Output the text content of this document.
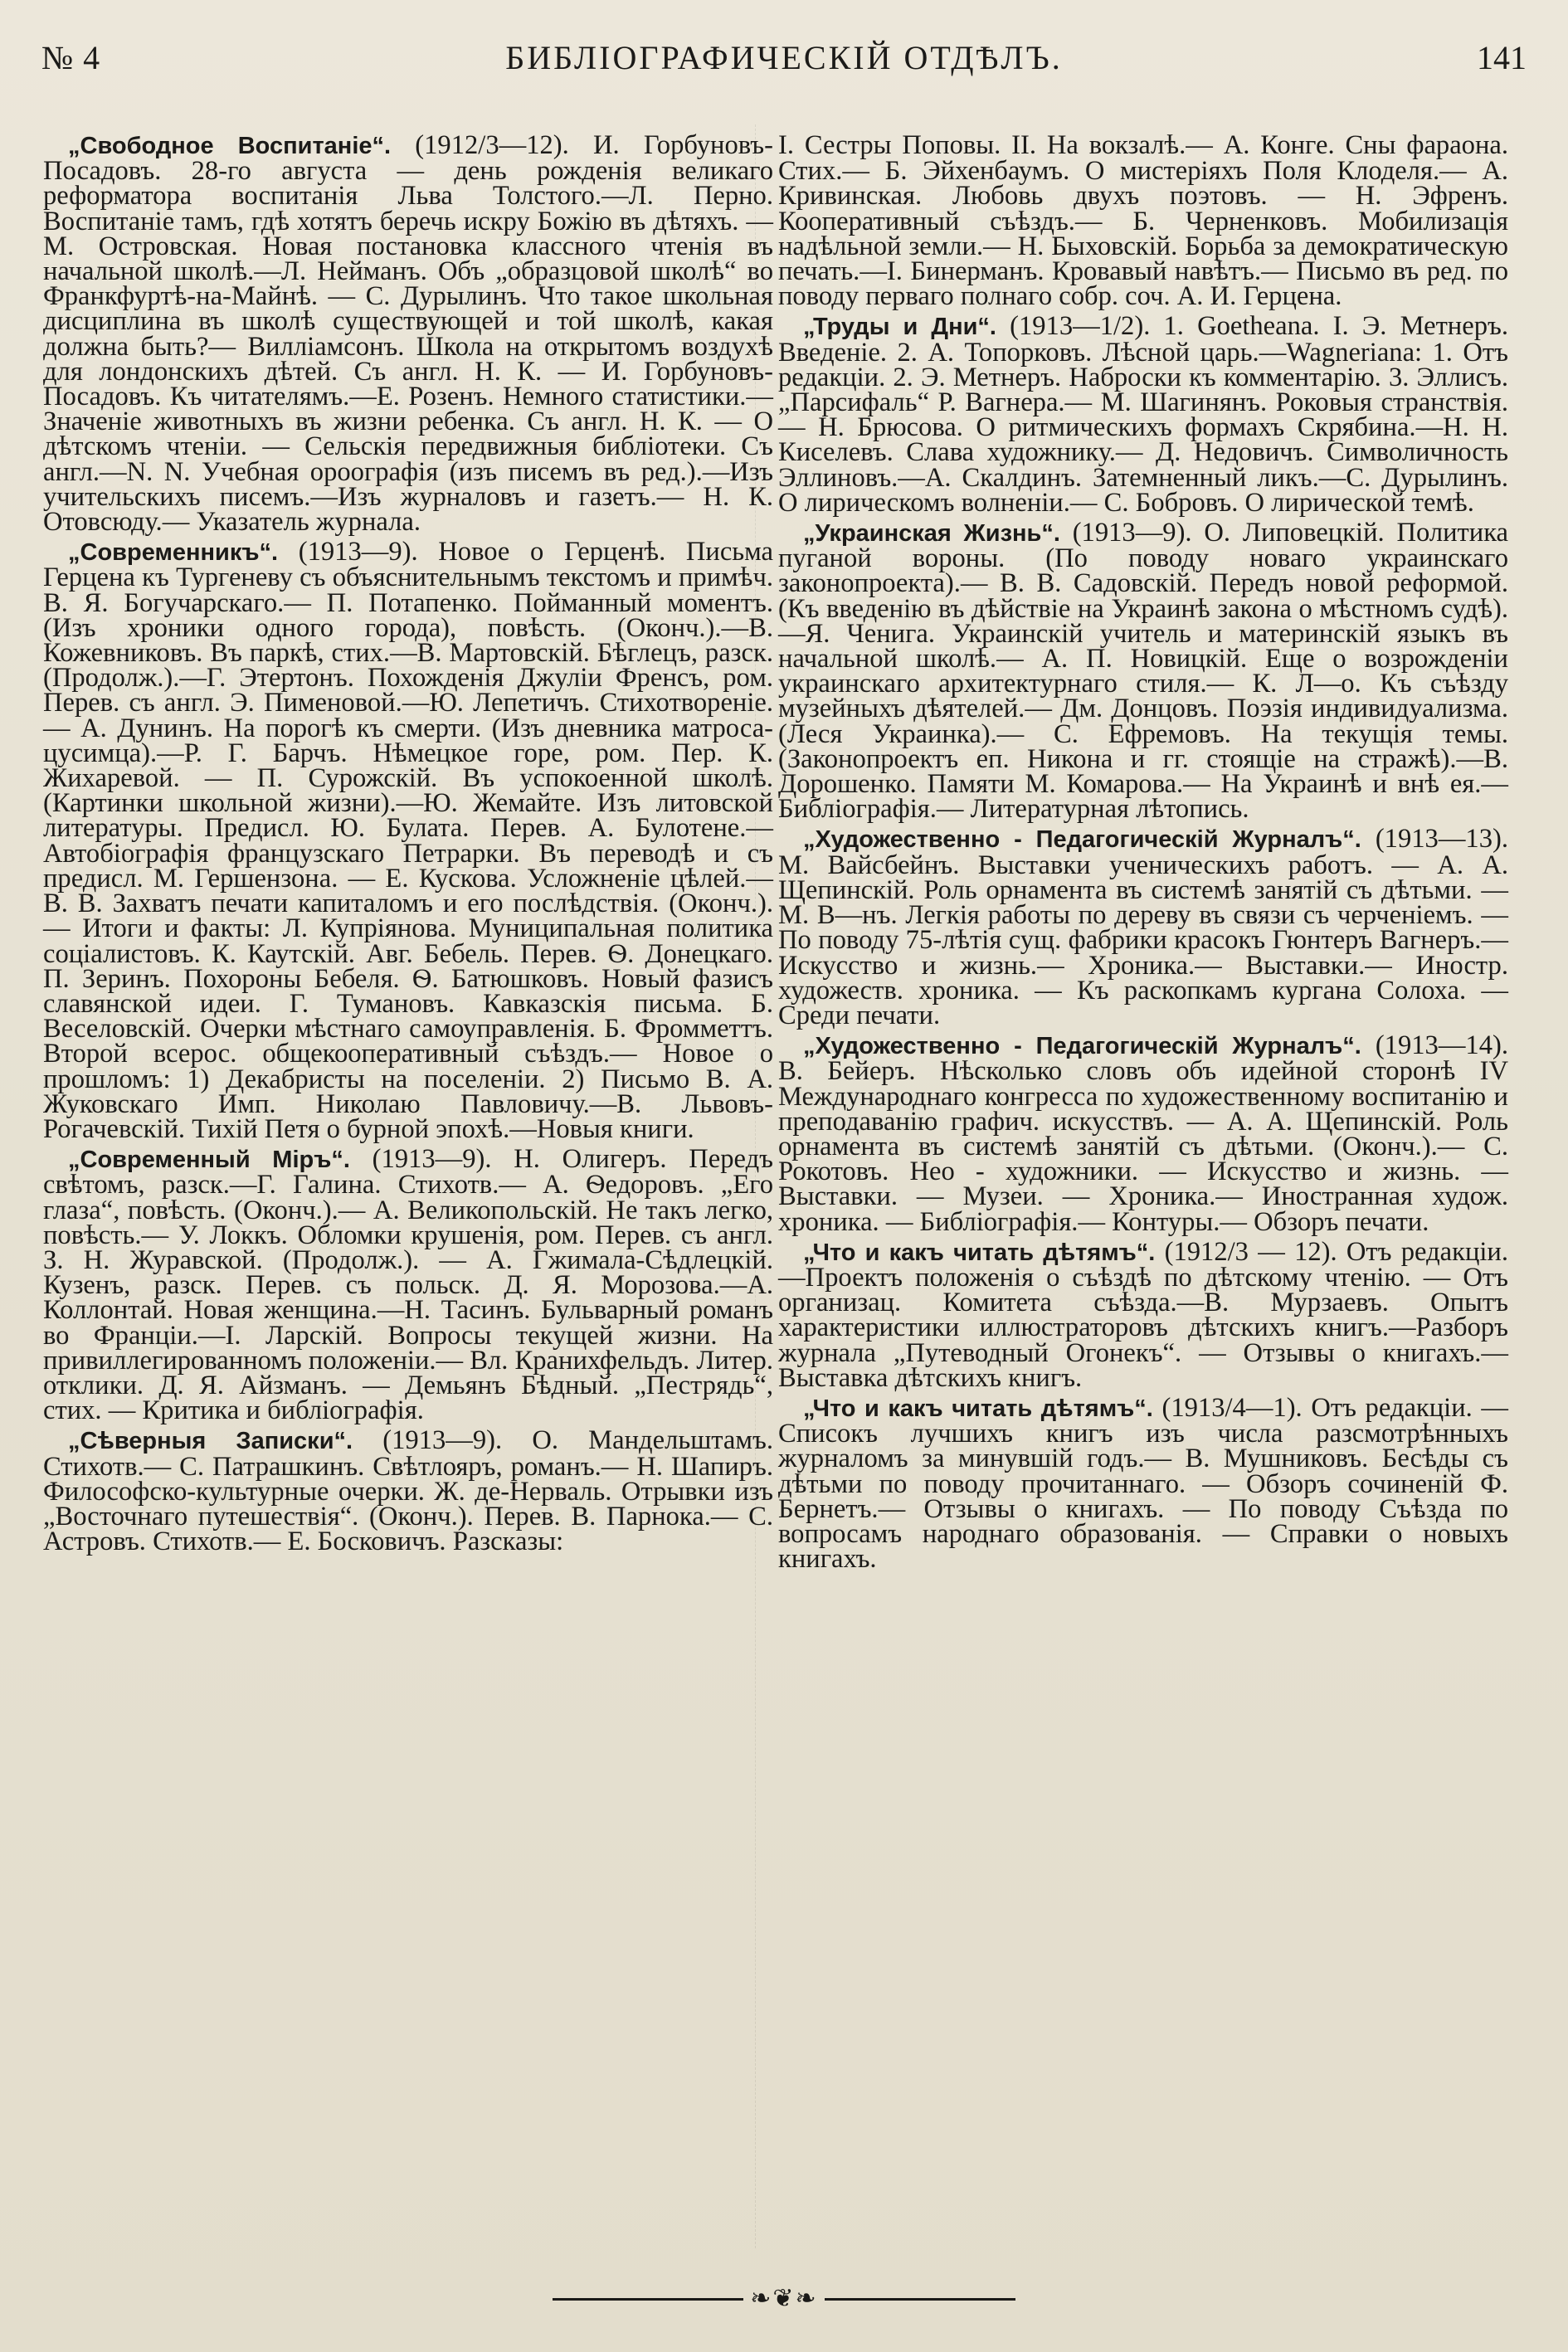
№ 4	БИБЛIОГРАФИЧЕСКIЙ ОТДѢЛЪ.	141

„Свободное Воспитанiе“. (1912/3—12). И. Горбуновъ-Посадовъ. 28-го августа — день рожденія великаго реформатора воспитанія Льва Толстого.—Л. Перно. Воспитаніе тамъ, гдѣ хотятъ беречь искру Божію въ дѣтяхъ. — М. Островская. Новая постановка классного чтенія въ начальной школѣ.—Л. Нейманъ. Объ „образцовой школѣ“ во Франкфуртѣ-на-Майнѣ. — С. Дурылинъ. Что такое школьная дисциплина въ школѣ существующей и той школѣ, какая должна быть?— Вилліамсонъ. Школа на открытомъ воздухѣ для лондонскихъ дѣтей. Съ англ. Н. К. — И. Горбуновъ-Посадовъ. Къ читателямъ.—Е. Розенъ. Немного статистики.—Значеніе животныхъ въ жизни ребенка. Съ англ. Н. К. — О дѣтскомъ чтеніи. — Сельскія передвижныя библіотеки. Съ англ.—N. N. Учебная ороографія (изъ писемъ въ ред.).—Изъ учительскихъ писемъ.—Изъ журналовъ и газетъ.— Н. К. Отовсюду.— Указатель журнала.

„Современникъ“. (1913—9). Новое о Герценѣ. Письма Герцена къ Тургеневу съ объяснительнымъ текстомъ и примѣч. В. Я. Богучарскаго.— П. Потапенко. Пойманный моментъ. (Изъ хроники одного города), повѣсть. (Оконч.).—В. Кожевниковъ. Въ паркѣ, стих.—В. Мартовскій. Бѣглецъ, разск. (Продолж.).—Г. Этертонъ. Похожденія Джуліи Френсъ, ром. Перев. съ англ. Э. Пименовой.—Ю. Лепетичъ. Стихотвореніе.— А. Дунинъ. На порогѣ къ смерти. (Изъ дневника матроса-цусимца).—Р. Г. Барчъ. Нѣмецкое горе, ром. Пер. К. Жихаревой. — П. Сурожскій. Въ успокоенной школѣ. (Картинки школьной жизни).—Ю. Жемайте. Изъ литовской литературы. Предисл. Ю. Булата. Перев. А. Булотене.—Автобіографія французскаго Петрарки. Въ переводѣ и съ предисл. М. Гершензона. — Е. Кускова. Усложненіе цѣлей.—В. В. Захватъ печати капиталомъ и его послѣдствія. (Оконч.). — Итоги и факты: Л. Купріянова. Муниципальная политика соціалистовъ. К. Каутскій. Авг. Бебель. Перев. Ѳ. Донецкаго. П. Зеринъ. Похороны Бебеля. Ѳ. Батюшковъ. Новый фазисъ славянской идеи. Г. Тумановъ. Кавказскія письма. Б. Веселовскій. Очерки мѣстнаго самоуправленія. Б. Фромметтъ. Второй всерос. общекооперативный съѣздъ.— Новое о прошломъ: 1) Декабристы на поселеніи. 2) Письмо В. А. Жуковскаго Имп. Николаю Павловичу.—В. Львовъ-Рогачевскій. Тихій Петя о бурной эпохѣ.—Новыя книги.

„Современный Мiръ“. (1913—9). Н. Олигеръ. Передъ свѣтомъ, разск.—Г. Галина. Стихотв.— А. Ѳедоровъ. „Его глаза“, повѣсть. (Оконч.).— А. Великопольскій. Не такъ легко, повѣсть.— У. Локкъ. Обломки крушенія, ром. Перев. съ англ. З. Н. Журавской. (Продолж.). — А. Гжимала-Сѣдлецкій. Кузенъ, разск. Перев. съ польск. Д. Я. Морозова.—А. Коллонтай. Новая женщина.—Н. Тасинъ. Бульварный романъ во Франціи.—І. Ларскій. Вопросы текущей жизни. На привиллегированномъ положеніи.— Вл. Кранихфельдъ. Литер. отклики. Д. Я. Айзманъ. — Демьянъ Бѣдный. „Пестрядь“, стих. — Критика и библіографія.

„Сѣверныя Записки“. (1913—9). О. Мандельштамъ. Стихотв.— С. Патрашкинъ. Свѣтлояръ, романъ.— Н. Шапиръ. Философско-культурные очерки. Ж. де-Нерваль. Отрывки изъ „Восточнаго путешествія“. (Оконч.). Перев. В. Парнока.— С. Астровъ. Стихотв.— Е. Босковичъ. Разсказы:

I. Сестры Поповы. II. На вокзалѣ.— А. Конге. Сны фараона. Стих.— Б. Эйхенбаумъ. О мистеріяхъ Поля Клоделя.— А. Кривинская. Любовь двухъ поэтовъ. — Н. Эфренъ. Кооперативный съѣздъ.— Б. Черненковъ. Мобилизація надѣльной земли.— Н. Быховскій. Борьба за демократическую печать.—І. Бинерманъ. Кровавый навѣтъ.— Письмо въ ред. по поводу перваго полнаго собр. соч. А. И. Герцена.

„Труды и Дни“. (1913—1/2). 1. Goetheana. І. Э. Метнеръ. Введеніе. 2. А. Топорковъ. Лѣсной царь.—Wagneriana: 1. Отъ редакціи. 2. Э. Метнеръ. Наброски къ комментарію. 3. Эллисъ. „Парсифаль“ Р. Вагнера.— М. Шагинянъ. Роковыя странствія.— Н. Брюсова. О ритмическихъ формахъ Скрябина.—Н. Н. Киселевъ. Слава художнику.— Д. Недовичъ. Символичность Эллиновъ.—А. Скалдинъ. Затемненный ликъ.—С. Дурылинъ. О лирическомъ волненіи.— С. Бобровъ. О лирической темѣ.

„Украинская Жизнь“. (1913—9). О. Липовецкій. Политика пуганой вороны. (По поводу новаго украинскаго законопроекта).— В. В. Садовскій. Передъ новой реформой. (Къ введенію въ дѣйствіе на Украинѣ закона о мѣстномъ судѣ).—Я. Ченига. Украинскій учитель и материнскій языкъ въ начальной школѣ.— А. П. Новицкій. Еще о возрожденіи украинскаго архитектурнаго стиля.— К. Л—о. Къ съѣзду музейныхъ дѣятелей.— Дм. Донцовъ. Поэзія индивидуализма. (Леся Украинка).— С. Ефремовъ. На текущія темы. (Законопроектъ еп. Никона и гг. стоящіе на стражѣ).—В. Дорошенко. Памяти М. Комарова.— На Украинѣ и внѣ ея.— Библіографія.— Литературная лѣтопись.

„Художественно - Педагогическiй Журналъ“. (1913—13). М. Вайсбейнъ. Выставки ученическихъ работъ. — А. А. Щепинскій. Роль орнамента въ системѣ занятій съ дѣтьми. — М. В—нъ. Легкія работы по дереву въ связи съ черченіемъ. — По поводу 75-лѣтія сущ. фабрики красокъ Гюнтеръ Вагнеръ.— Искусство и жизнь.— Хроника.— Выставки.— Иностр. художеств. хроника. — Къ раскопкамъ кургана Солоха. — Среди печати.

„Художественно - Педагогическiй Журналъ“. (1913—14). В. Бейеръ. Нѣсколько словъ объ идейной сторонѣ IV Международнаго конгресса по художественному воспитанію и преподаванію графич. искусствъ. — А. А. Щепинскій. Роль орнамента въ системѣ занятій съ дѣтьми. (Оконч.).— С. Рокотовъ. Нео - художники. — Искусство и жизнь. — Выставки. — Музеи. — Хроника.— Иностранная худож. хроника. — Библіографія.— Контуры.— Обзоръ печати.

„Что и какъ читать дѣтямъ“. (1912/3 — 12). Отъ редакціи.—Проектъ положенія о съѣздѣ по дѣтскому чтенію. — Отъ организац. Комитета съѣзда.—В. Мурзаевъ. Опытъ характеристики иллюстраторовъ дѣтскихъ книгъ.—Разборъ журнала „Путеводный Огонекъ“. — Отзывы о книгахъ.—Выставка дѣтскихъ книгъ.

„Что и какъ читать дѣтямъ“. (1913/4—1). Отъ редакціи. — Списокъ лучшихъ книгъ изъ числа разсмотрѣнныхъ журналомъ за минувшій годъ.— В. Мушниковъ. Бесѣды съ дѣтьми по поводу прочитаннаго. — Обзоръ сочиненій Ф. Бернетъ.— Отзывы о книгахъ. — По поводу Съѣзда по вопросамъ народнаго образованія. — Справки о новыхъ книгахъ.

❧❦❧
